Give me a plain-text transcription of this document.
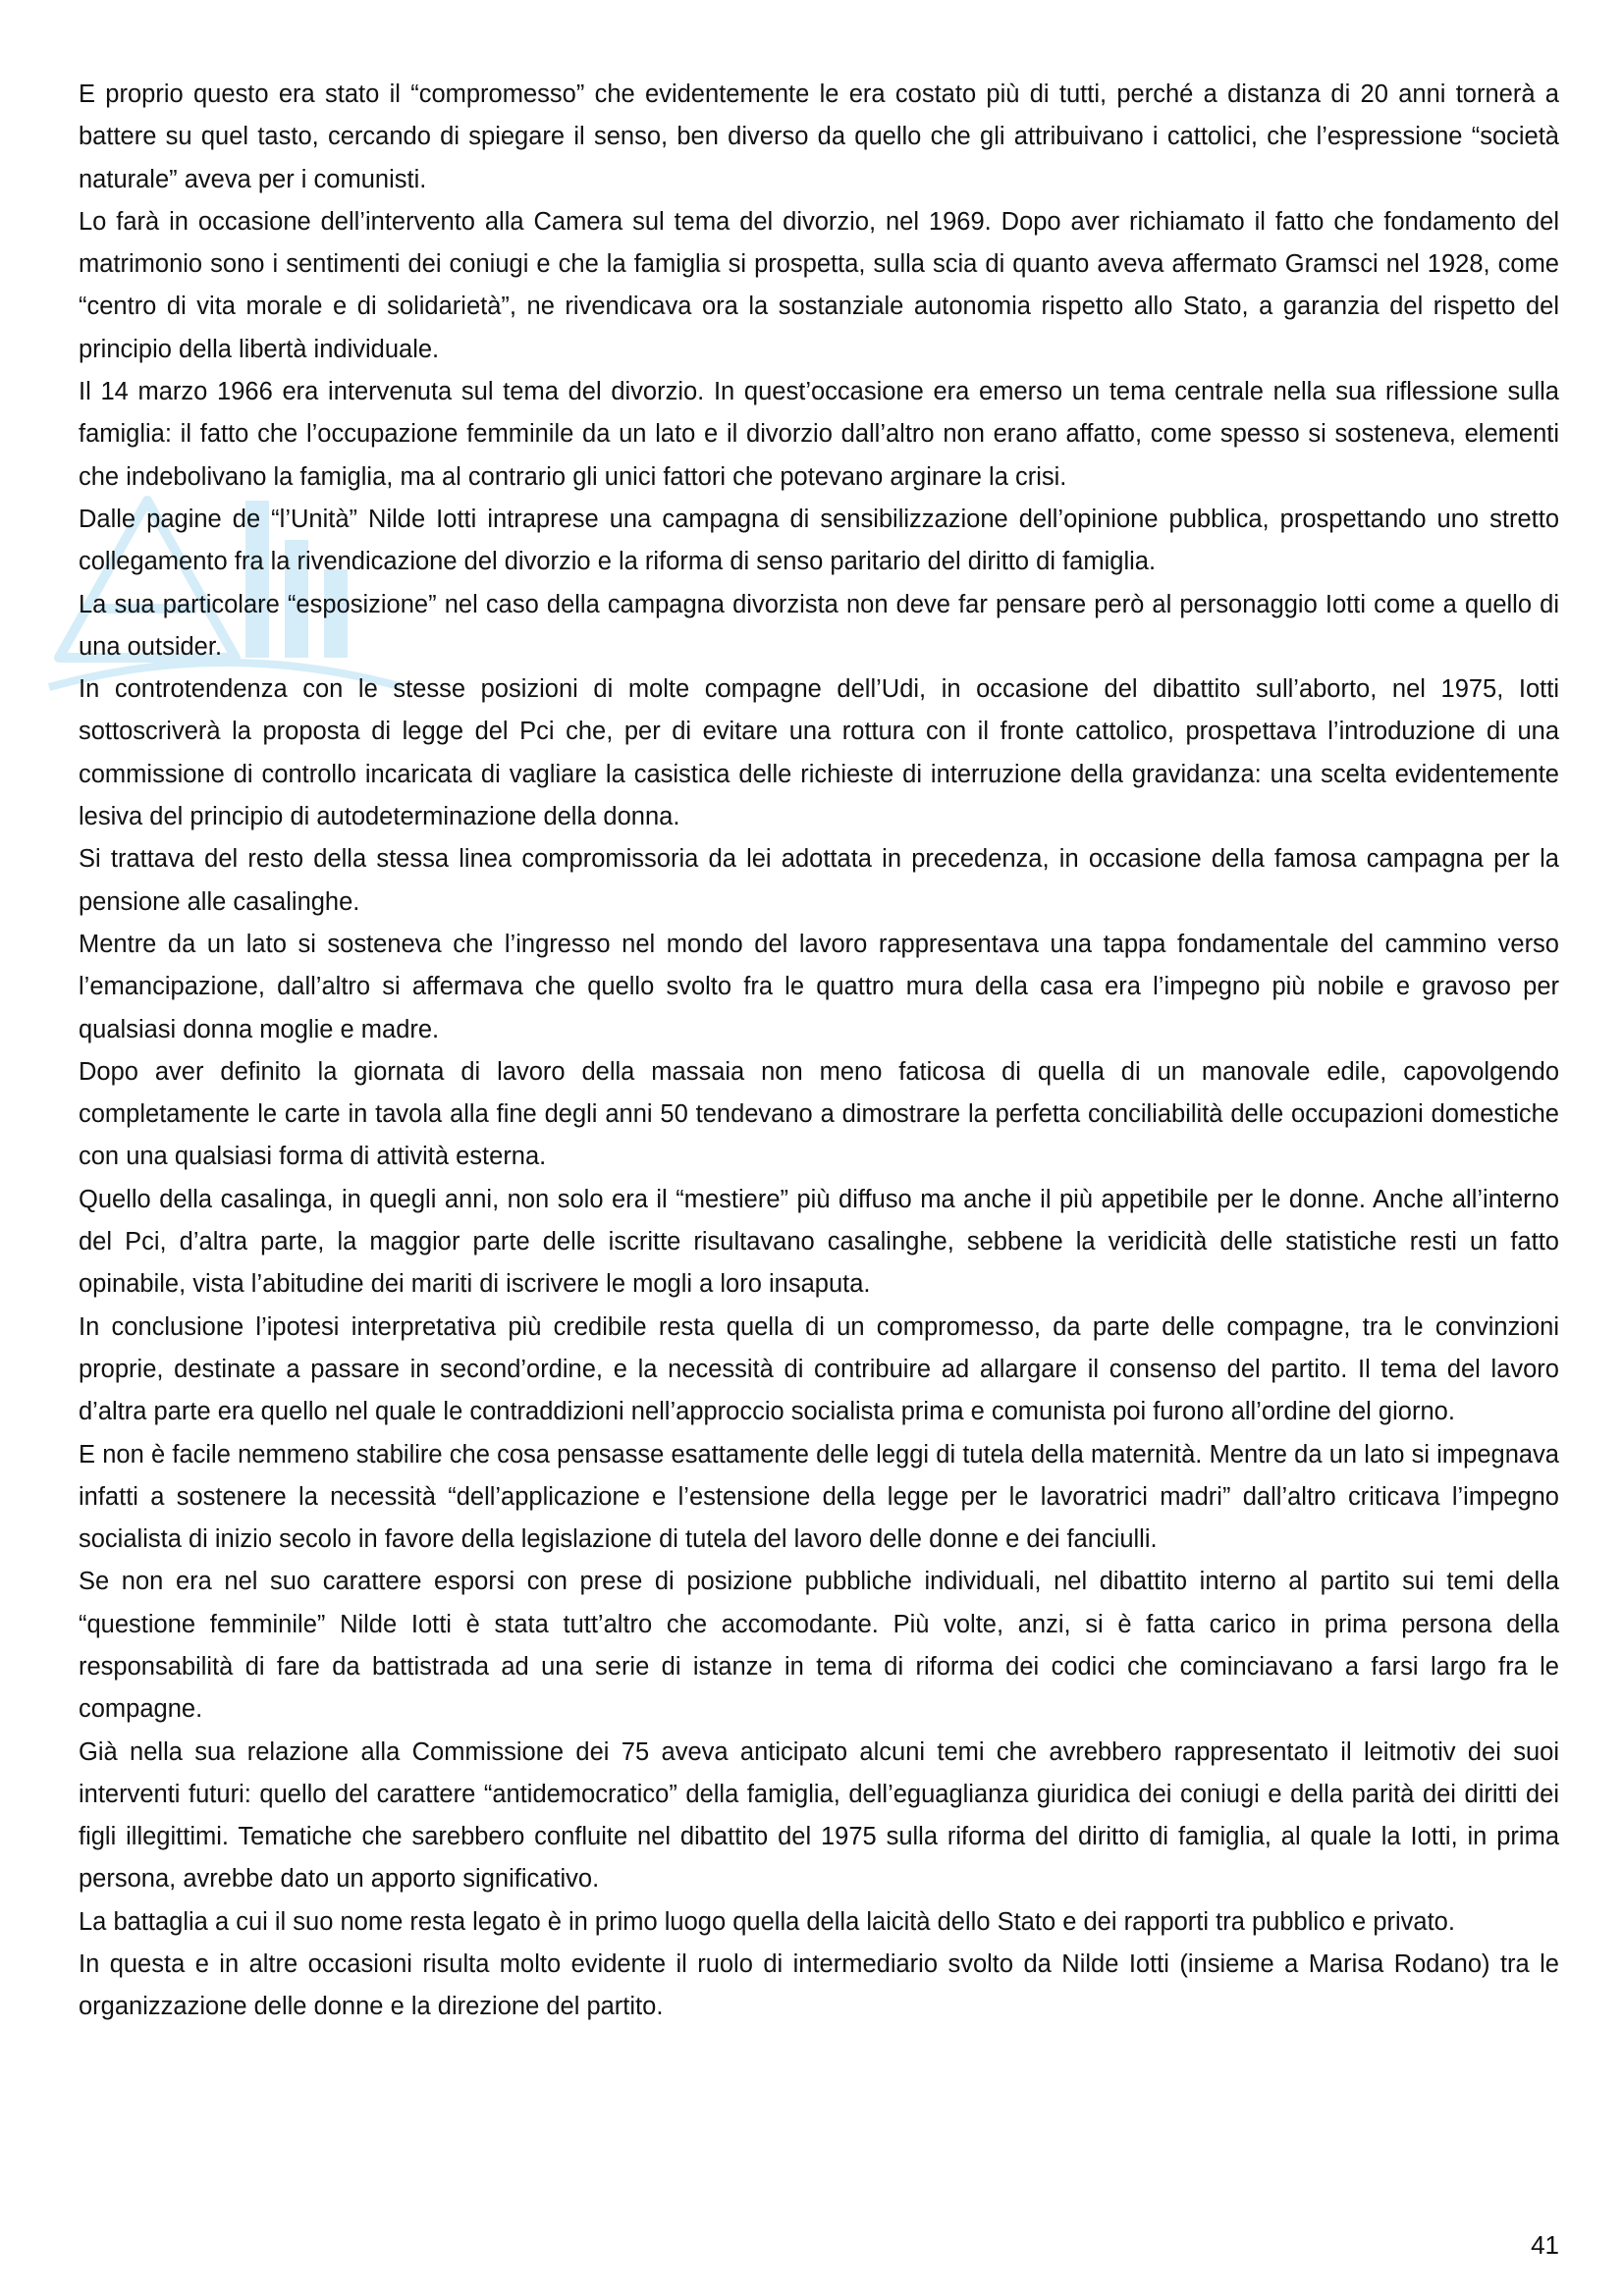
E proprio questo era stato il “compromesso” che evidentemente le era costato più di tutti, perché a distanza di 20 anni tornerà a battere su quel tasto, cercando di spiegare il senso, ben diverso da quello che gli attribuivano i cattolici, che l’espressione “società naturale” aveva per i comunisti.

Lo farà in occasione dell’intervento alla Camera sul tema del divorzio, nel 1969. Dopo aver richiamato il fatto che fondamento del matrimonio sono i sentimenti dei coniugi e che la famiglia si prospetta, sulla scia di quanto aveva affermato Gramsci nel 1928, come “centro di vita morale e di solidarietà”, ne rivendicava ora la sostanziale autonomia rispetto allo Stato, a garanzia del rispetto del principio della libertà individuale.

Il 14 marzo 1966 era intervenuta sul tema del divorzio. In quest’occasione era emerso un tema centrale nella sua riflessione sulla famiglia: il fatto che l’occupazione femminile da un lato e il divorzio dall’altro non erano affatto, come spesso si sosteneva, elementi che indebolivano la famiglia, ma al contrario gli unici fattori che potevano arginare la crisi.

Dalle pagine de “l’Unità” Nilde Iotti intraprese una campagna di sensibilizzazione dell’opinione pubblica, prospettando uno stretto collegamento fra la rivendicazione del divorzio e la riforma di senso paritario del diritto di famiglia.

La sua particolare “esposizione” nel caso della campagna divorzista non deve far pensare però al personaggio Iotti come a quello di una outsider.

In controtendenza con le stesse posizioni di molte compagne dell’Udi, in occasione del dibattito sull’aborto, nel 1975, Iotti sottoscriverà la proposta di legge del Pci che, per di evitare una rottura con il fronte cattolico, prospettava l’introduzione di una commissione di controllo incaricata di vagliare la casistica delle richieste di interruzione della gravidanza: una scelta evidentemente lesiva del principio di autodeterminazione della donna.

Si trattava del resto della stessa linea compromissoria da lei adottata in precedenza, in occasione della famosa campagna per la pensione alle casalinghe.

Mentre da un lato si sosteneva che l’ingresso nel mondo del lavoro rappresentava una tappa fondamentale del cammino verso l’emancipazione, dall’altro si affermava che quello svolto fra le quattro mura della casa era l’impegno più nobile e gravoso per qualsiasi donna moglie e madre.

Dopo aver definito la giornata di lavoro della massaia non meno faticosa di quella di un manovale edile, capovolgendo completamente le carte in tavola alla fine degli anni 50 tendevano a dimostrare la perfetta conciliabilità delle occupazioni domestiche con una qualsiasi forma di attività esterna.

Quello della casalinga, in quegli anni, non solo era il “mestiere” più diffuso ma anche il più appetibile per le donne. Anche all’interno del Pci, d’altra parte, la maggior parte delle iscritte risultavano casalinghe, sebbene la veridicità delle statistiche resti un fatto opinabile, vista l’abitudine dei mariti di iscrivere le mogli a loro insaputa.

In conclusione l’ipotesi interpretativa più credibile resta quella di un compromesso, da parte delle compagne, tra le convinzioni proprie, destinate a passare in second’ordine, e la necessità di contribuire ad allargare il consenso del partito. Il tema del lavoro d’altra parte era quello nel quale le contraddizioni nell’approccio socialista prima e comunista poi furono all’ordine del giorno.

E non è facile nemmeno stabilire che cosa pensasse esattamente delle leggi di tutela della maternità. Mentre da un lato si impegnava infatti a sostenere la necessità “dell’applicazione e l’estensione della legge per le lavoratrici madri” dall’altro criticava l’impegno socialista di inizio secolo in favore della legislazione di tutela del lavoro delle donne e dei fanciulli.

Se non era nel suo carattere esporsi con prese di posizione pubbliche individuali, nel dibattito interno al partito sui temi della “questione femminile” Nilde Iotti è stata tutt’altro che accomodante. Più volte, anzi, si è fatta carico in prima persona della responsabilità di fare da battistrada ad una serie di istanze in tema di riforma dei codici che cominciavano a farsi largo fra le compagne.

Già nella sua relazione alla Commissione dei 75 aveva anticipato alcuni temi che avrebbero rappresentato il leitmotiv dei suoi interventi futuri: quello del carattere “antidemocratico” della famiglia, dell’eguaglianza giuridica dei coniugi e della parità dei diritti dei figli illegittimi. Tematiche che sarebbero confluite nel dibattito del 1975 sulla riforma del diritto di famiglia, al quale la Iotti, in prima persona, avrebbe dato un apporto significativo.

La battaglia a cui il suo nome resta legato è in primo luogo quella della laicità dello Stato e dei rapporti tra pubblico e privato.

In questa e in altre occasioni risulta molto evidente il ruolo di intermediario svolto da Nilde Iotti (insieme a Marisa Rodano) tra le organizzazione delle donne e la direzione del partito.

41
